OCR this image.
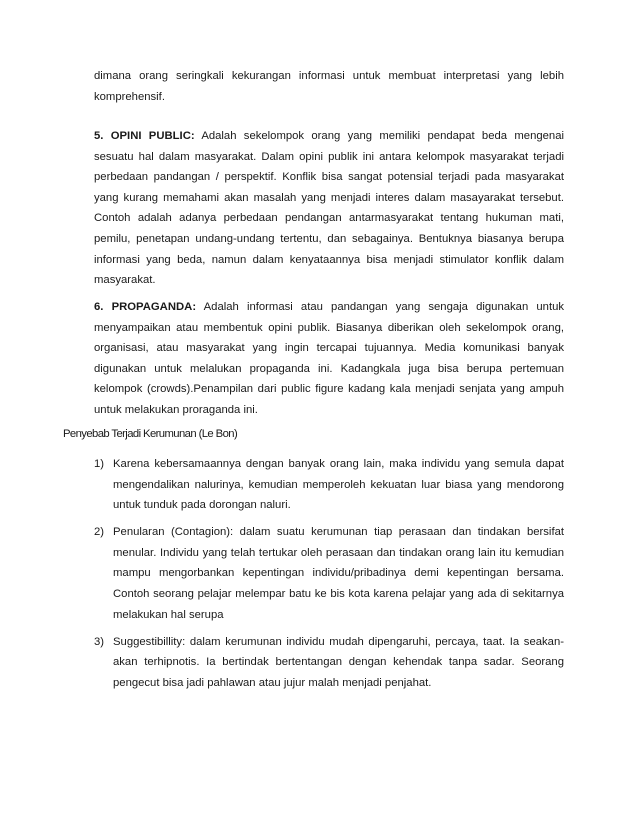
dimana orang seringkali kekurangan informasi untuk membuat interpretasi yang lebih komprehensif.

5. OPINI PUBLIC: Adalah sekelompok orang yang memiliki pendapat beda mengenai sesuatu hal dalam masyarakat. Dalam opini publik ini antara kelompok masyarakat terjadi perbedaan pandangan / perspektif. Konflik bisa sangat potensial terjadi pada masyarakat yang kurang memahami akan masalah yang menjadi interes dalam masayarakat tersebut. Contoh adalah adanya perbedaan pendangan antarmasyarakat tentang hukuman mati, pemilu, penetapan undang-undang tertentu, dan sebagainya. Bentuknya biasanya berupa informasi yang beda, namun dalam kenyataannya bisa menjadi stimulator konflik dalam masyarakat.

6. PROPAGANDA: Adalah informasi atau pandangan yang sengaja digunakan untuk menyampaikan atau membentuk opini publik. Biasanya diberikan oleh sekelompok orang, organisasi, atau masyarakat yang ingin tercapai tujuannya. Media komunikasi banyak digunakan untuk melalukan propaganda ini. Kadangkala juga bisa berupa pertemuan kelompok (crowds).Penampilan dari public figure kadang kala menjadi senjata yang ampuh untuk melakukan proraganda ini.

Penyebab Terjadi Kerumunan (Le Bon)

1) Karena kebersamaannya dengan banyak orang lain, maka individu yang semula dapat mengendalikan nalurinya, kemudian memperoleh kekuatan luar biasa yang mendorong untuk tunduk pada dorongan naluri.
2) Penularan (Contagion): dalam suatu kerumunan tiap perasaan dan tindakan bersifat menular. Individu yang telah tertukar oleh perasaan dan tindakan orang lain itu kemudian mampu mengorbankan kepentingan individu/pribadinya demi kepentingan bersama. Contoh seorang pelajar melempar batu ke bis kota karena pelajar yang ada di sekitarnya melakukan hal serupa
3) Suggestibillity: dalam kerumunan individu mudah dipengaruhi, percaya, taat. Ia seakan-akan terhipnotis. Ia bertindak bertentangan dengan kehendak tanpa sadar. Seorang pengecut bisa jadi pahlawan atau jujur malah menjadi penjahat.
